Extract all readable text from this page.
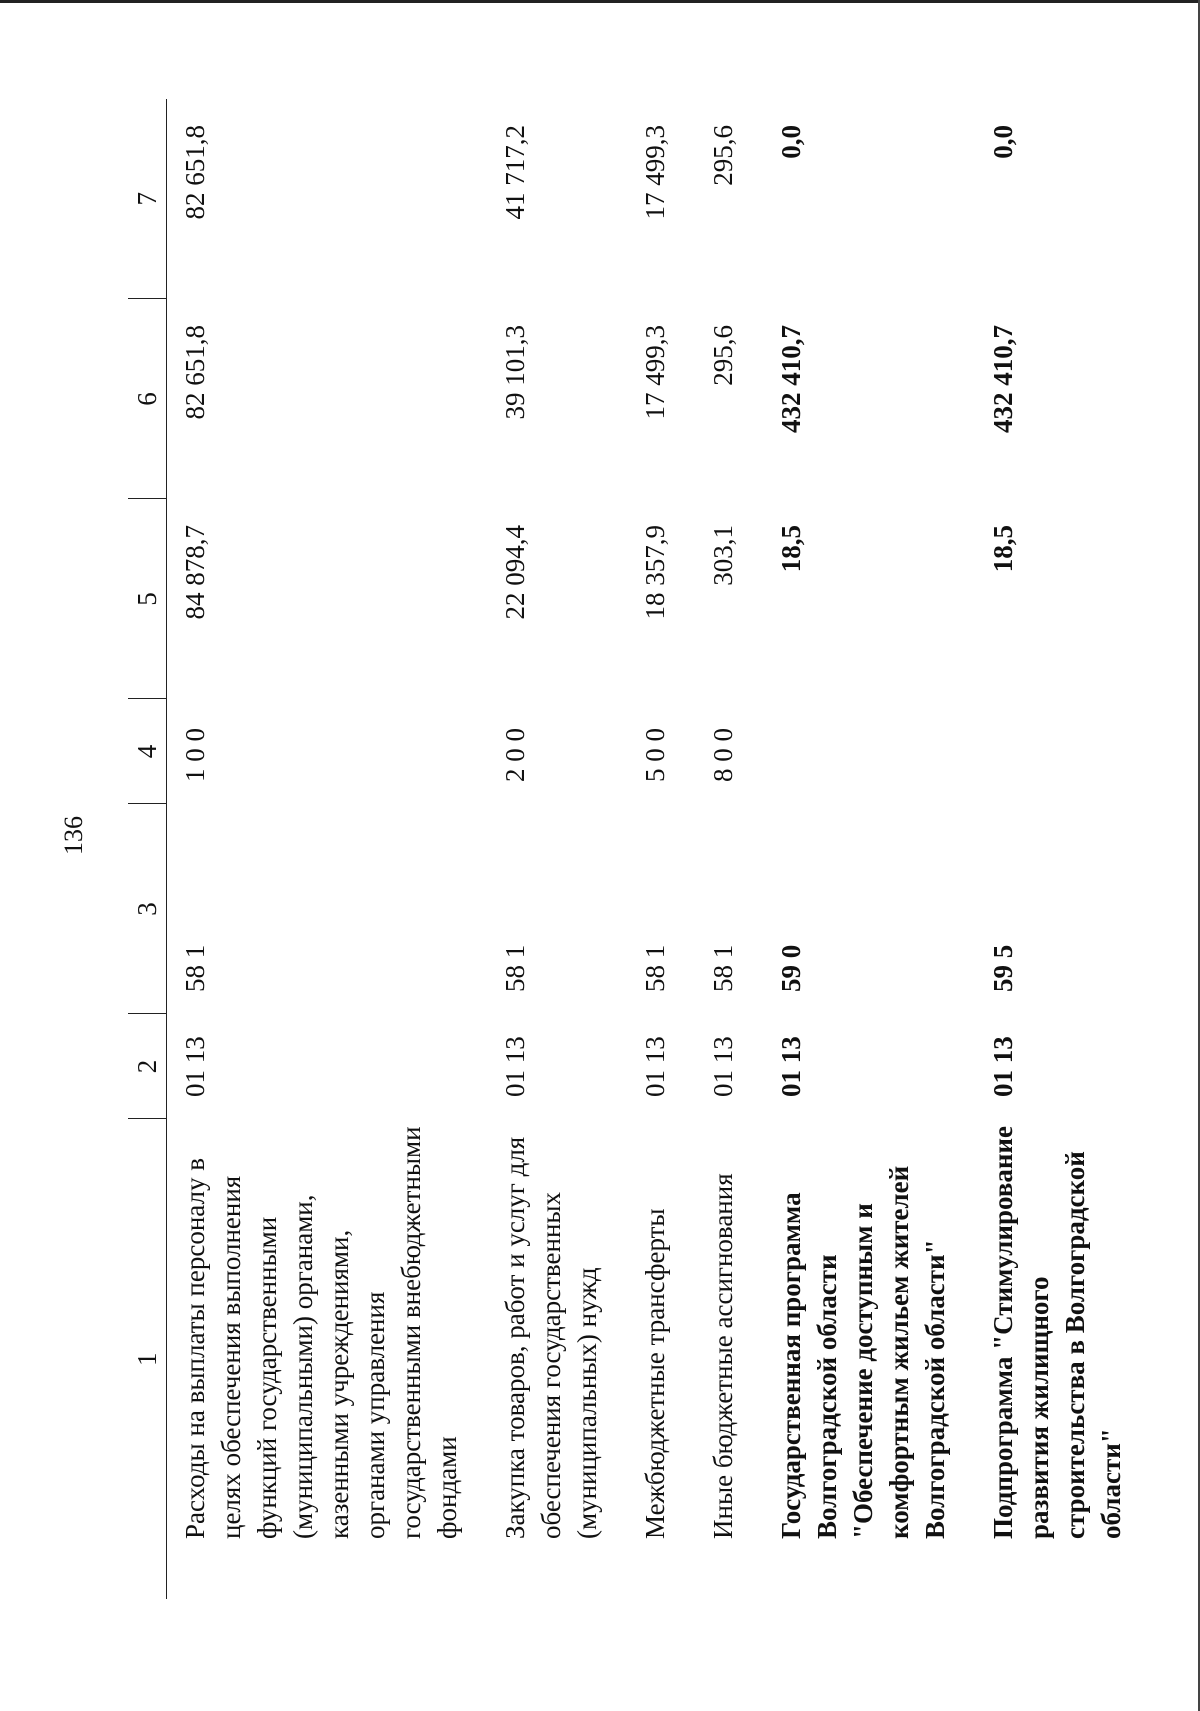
136
1	2	3	4	5	6	7
Расходы на выплаты персоналу в целях обеспечения выполнения функций государственными (муниципальными) органами, казенными учреждениями, органами управления государственными внебюджетными фондами	01 13	58 1	1 0 0	84 878,7	82 651,8	82 651,8
Закупка товаров, работ и услуг для обеспечения государственных (муниципальных) нужд	01 13	58 1	2 0 0	22 094,4	39 101,3	41 717,2
Межбюджетные трансферты	01 13	58 1	5 0 0	18 357,9	17 499,3	17 499,3
Иные бюджетные ассигнования	01 13	58 1	8 0 0	303,1	295,6	295,6
Государственная программа Волгоградской области "Обеспечение доступным и комфортным жильем жителей Волгоградской области"	01 13	59 0		18,5	432 410,7	0,0
Подпрограмма "Стимулирование развития жилищного строительства в Волгоградской области"	01 13	59 5		18,5	432 410,7	0,0
